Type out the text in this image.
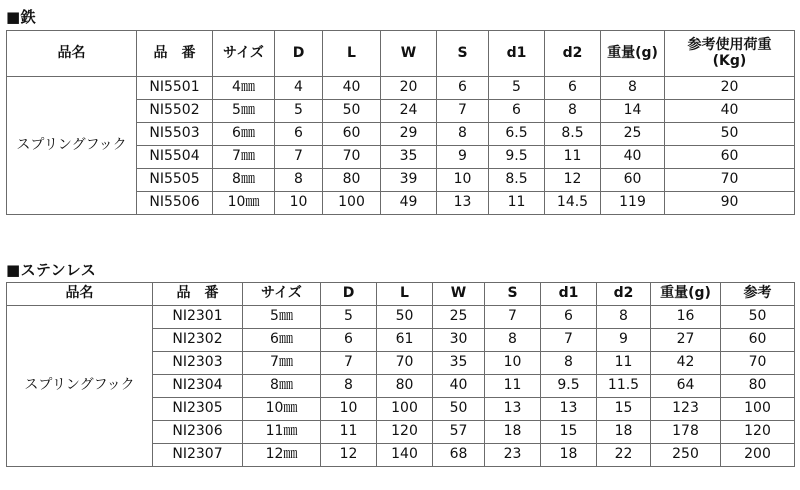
■鉄
品名	品　番	サイズ	D	L	W	S	d1	d2	重量(g)	参考使用荷重
(Kg)
スプリングフック	NI5501	4㎜	4	40	20	6	5	6	8	20
	NI5502	5㎜	5	50	24	7	6	8	14	40
	NI5503	6㎜	6	60	29	8	6.5	8.5	25	50
	NI5504	7㎜	7	70	35	9	9.5	11	40	60
	NI5505	8㎜	8	80	39	10	8.5	12	60	70
	NI5506	10㎜	10	100	49	13	11	14.5	119	90
■ステンレス
品名	品　番	サイズ	D	L	W	S	d1	d2	重量(g)	参考
スプリングフック	NI2301	5㎜	5	50	25	7	6	8	16	50
	NI2302	6㎜	6	61	30	8	7	9	27	60
	NI2303	7㎜	7	70	35	10	8	11	42	70
	NI2304	8㎜	8	80	40	11	9.5	11.5	64	80
	NI2305	10㎜	10	100	50	13	13	15	123	100
	NI2306	11㎜	11	120	57	18	15	18	178	120
	NI2307	12㎜	12	140	68	23	18	22	250	200
